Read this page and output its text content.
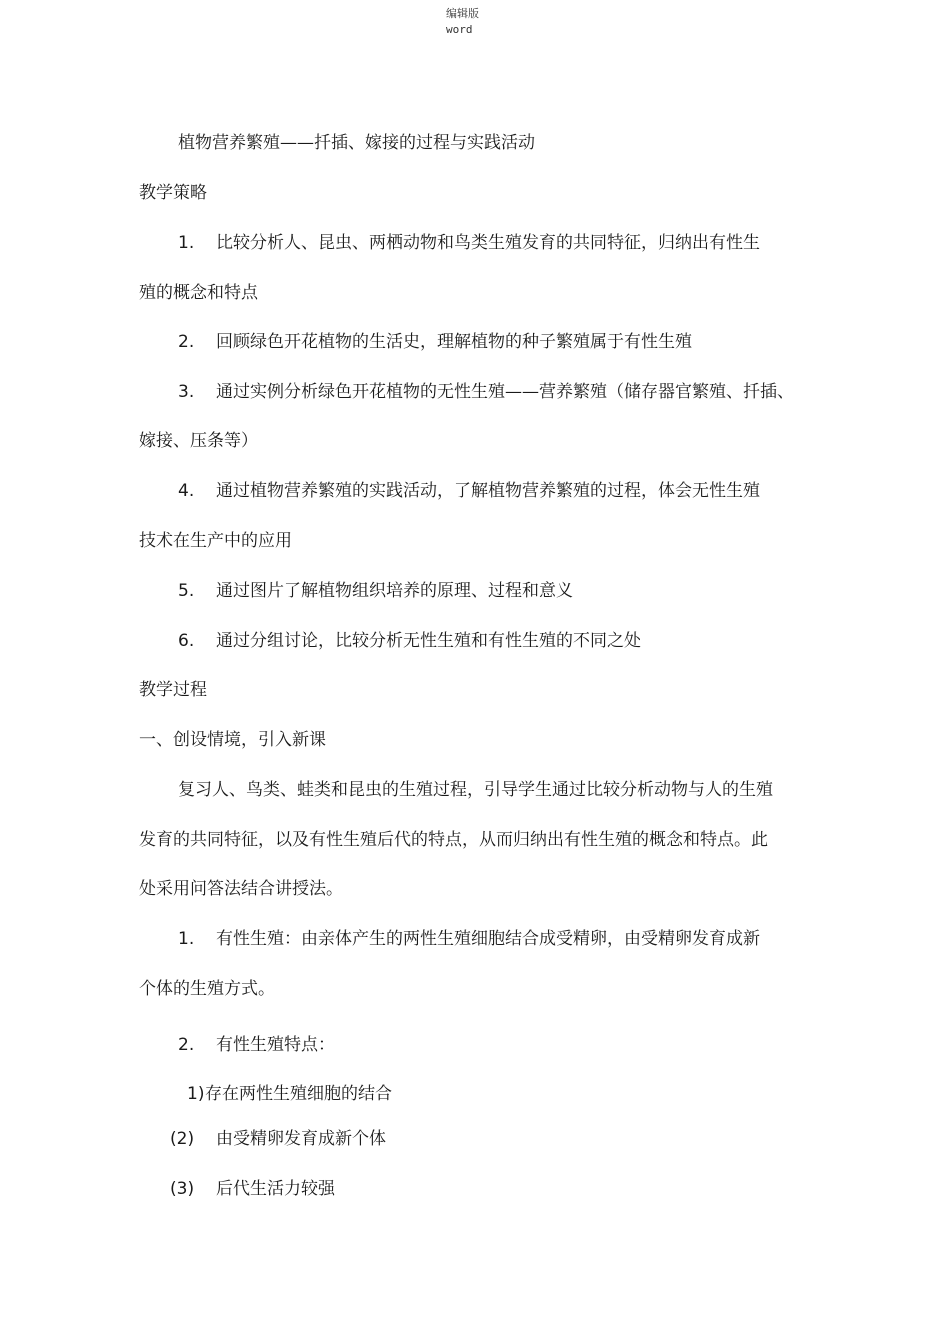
编辑版
word
植物营养繁殖——扦插、嫁接的过程与实践活动
教学策略
1. 比较分析人、昆虫、两栖动物和鸟类生殖发育的共同特征，归纳出有性生
殖的概念和特点
2. 回顾绿色开花植物的生活史，理解植物的种子繁殖属于有性生殖
3. 通过实例分析绿色开花植物的无性生殖——营养繁殖（储存器官繁殖、扦插、
嫁接、压条等）
4. 通过植物营养繁殖的实践活动，了解植物营养繁殖的过程，体会无性生殖
技术在生产中的应用
5. 通过图片了解植物组织培养的原理、过程和意义
6. 通过分组讨论，比较分析无性生殖和有性生殖的不同之处
教学过程
一、创设情境，引入新课
复习人、鸟类、蛙类和昆虫的生殖过程，引导学生通过比较分析动物与人的生殖
发育的共同特征，以及有性生殖后代的特点，从而归纳出有性生殖的概念和特点。此
处采用问答法结合讲授法。
1. 有性生殖：由亲体产生的两性生殖细胞结合成受精卵，由受精卵发育成新
个体的生殖方式。
2. 有性生殖特点：
1) 存在两性生殖细胞的结合
(2) 由受精卵发育成新个体
(3) 后代生活力较强
